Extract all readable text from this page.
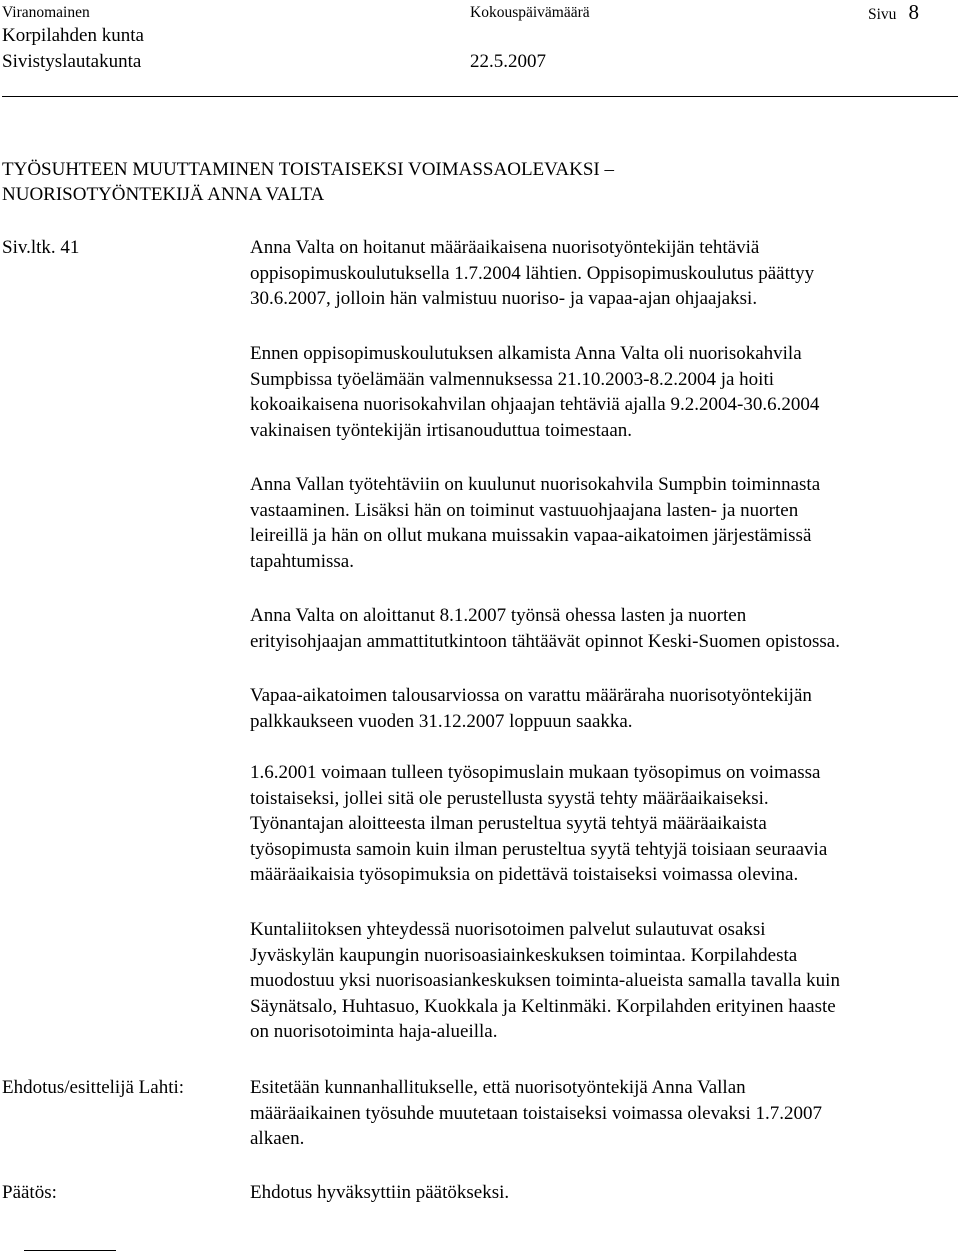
Viranomainen	Kokouspäivämäärä	Sivu 8
Korpilahden kunta
Sivistyslautakunta	22.5.2007
TYÖSUHTEEN MUUTTAMINEN TOISTAISEKSI VOIMASSAOLEVAKSI –
NUORISOTYÖNTEKIJÄ ANNA VALTA
Siv.ltk. 41	Anna Valta on hoitanut määräaikaisena nuorisotyöntekijän tehtäviä

oppisopimuskoulutuksella 1.7.2004 lähtien. Oppisopimuskoulutus päättyy

30.6.2007, jolloin hän valmistuu nuoriso- ja vapaa-ajan ohjaajaksi.

Ennen oppisopimuskoulutuksen alkamista Anna Valta oli nuorisokahvila

Sumpbissa työelämään valmennuksessa 21.10.2003-8.2.2004 ja hoiti

kokoaikaisena nuorisokahvilan ohjaajan tehtäviä ajalla 9.2.2004-30.6.2004

vakinaisen työntekijän irtisanouduttua toimestaan.

Anna Vallan työtehtäviin on kuulunut nuorisokahvila Sumpbin toiminnasta

vastaaminen. Lisäksi hän on toiminut vastuuohjaajana lasten- ja nuorten

leireillä ja hän on ollut mukana muissakin vapaa-aikatoimen järjestämissä

tapahtumissa.

Anna Valta on aloittanut 8.1.2007 työnsä ohessa lasten ja nuorten

erityisohjaajan ammattitutkintoon tähtäävät opinnot Keski-Suomen opistossa.

Vapaa-aikatoimen talousarviossa on varattu määräraha nuorisotyöntekijän

palkkaukseen vuoden 31.12.2007 loppuun saakka.

1.6.2001 voimaan tulleen työsopimuslain mukaan työsopimus on voimassa

toistaiseksi, jollei sitä ole perustellusta syystä tehty määräaikaiseksi.

Työnantajan aloitteesta ilman perusteltua syytä tehtyä määräaikaista

työsopimusta samoin kuin ilman perusteltua syytä tehtyjä toisiaan seuraavia

määräaikaisia työsopimuksia on pidettävä toistaiseksi voimassa olevina.

Kuntaliitoksen yhteydessä nuorisotoimen palvelut sulautuvat osaksi

Jyväskylän kaupungin nuorisoasiainkeskuksen toimintaa. Korpilahdesta

muodostuu yksi nuorisoasiankeskuksen toiminta-alueista samalla tavalla kuin

Säynätsalo, Huhtasuo, Kuokkala ja Keltinmäki. Korpilahden erityinen haaste

on nuorisotoiminta haja-alueilla.

Ehdotus/esittelijä Lahti:	Esitetään kunnanhallitukselle, että nuorisotyöntekijä Anna Vallan

määräaikainen työsuhde muutetaan toistaiseksi voimassa olevaksi 1.7.2007

alkaen.

Päätös:	Ehdotus hyväksyttiin päätökseksi.
